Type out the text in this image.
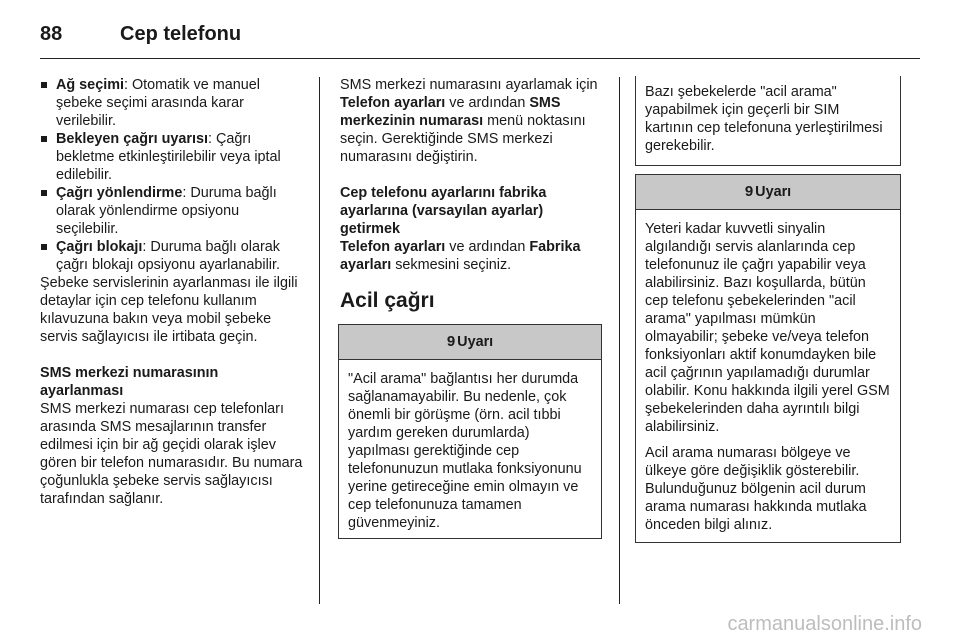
88	Cep telefonu

Ağ seçimi: Otomatik ve manuel şebeke seçimi arasında karar verilebilir.

Bekleyen çağrı uyarısı: Çağrı bekletme etkinleştirilebilir veya iptal edilebilir.

Çağrı yönlendirme: Duruma bağlı olarak yönlendirme opsiyonu seçilebilir.

Çağrı blokajı: Duruma bağlı olarak çağrı blokajı opsiyonu ayarlanabilir.

Şebeke servislerinin ayarlanması ile ilgili detaylar için cep telefonu kullanım kılavuzuna bakın veya mobil şebeke servis sağlayıcısı ile irtibata geçin.

SMS merkezi numarasının ayarlanması

SMS merkezi numarası cep telefonları arasında SMS mesajlarının transfer edilmesi için bir ağ geçidi olarak işlev gören bir telefon numarasıdır. Bu numara çoğunlukla şebeke servis sağlayıcısı tarafından sağlanır.

SMS merkezi numarasını ayarlamak için Telefon ayarları ve ardından SMS merkezinin numarası menü noktasını seçin. Gerektiğinde SMS merkezi numarasını değiştirin.

Cep telefonu ayarlarını fabrika ayarlarına (varsayılan ayarlar) getirmek

Telefon ayarları ve ardından Fabrika ayarları sekmesini seçiniz.

Acil çağrı
9 Uyarı

"Acil arama" bağlantısı her durumda sağlanamayabilir. Bu nedenle, çok önemli bir görüşme (örn. acil tıbbi yardım gereken durumlarda) yapılması gerektiğinde cep telefonunuzun mutlaka fonksiyonunu yerine getireceğine emin olmayın ve cep telefonunuza tamamen güvenmeyiniz.

Bazı şebekelerde "acil arama" yapabilmek için geçerli bir SIM kartının cep telefonuna yerleştirilmesi gerekebilir.

9 Uyarı

Yeteri kadar kuvvetli sinyalin algılandığı servis alanlarında cep telefonunuz ile çağrı yapabilir veya alabilirsiniz. Bazı koşullarda, bütün cep telefonu şebekelerinden "acil arama" yapılması mümkün olmayabilir; şebeke ve/veya telefon fonksiyonları aktif konumdayken bile acil çağrının yapılamadığı durumlar olabilir. Konu hakkında ilgili yerel GSM şebekelerinden daha ayrıntılı bilgi alabilirsiniz.

Acil arama numarası bölgeye ve ülkeye göre değişiklik gösterebilir. Bulunduğunuz bölgenin acil durum arama numarası hakkında mutlaka önceden bilgi alınız.

carmanualsonline.info
